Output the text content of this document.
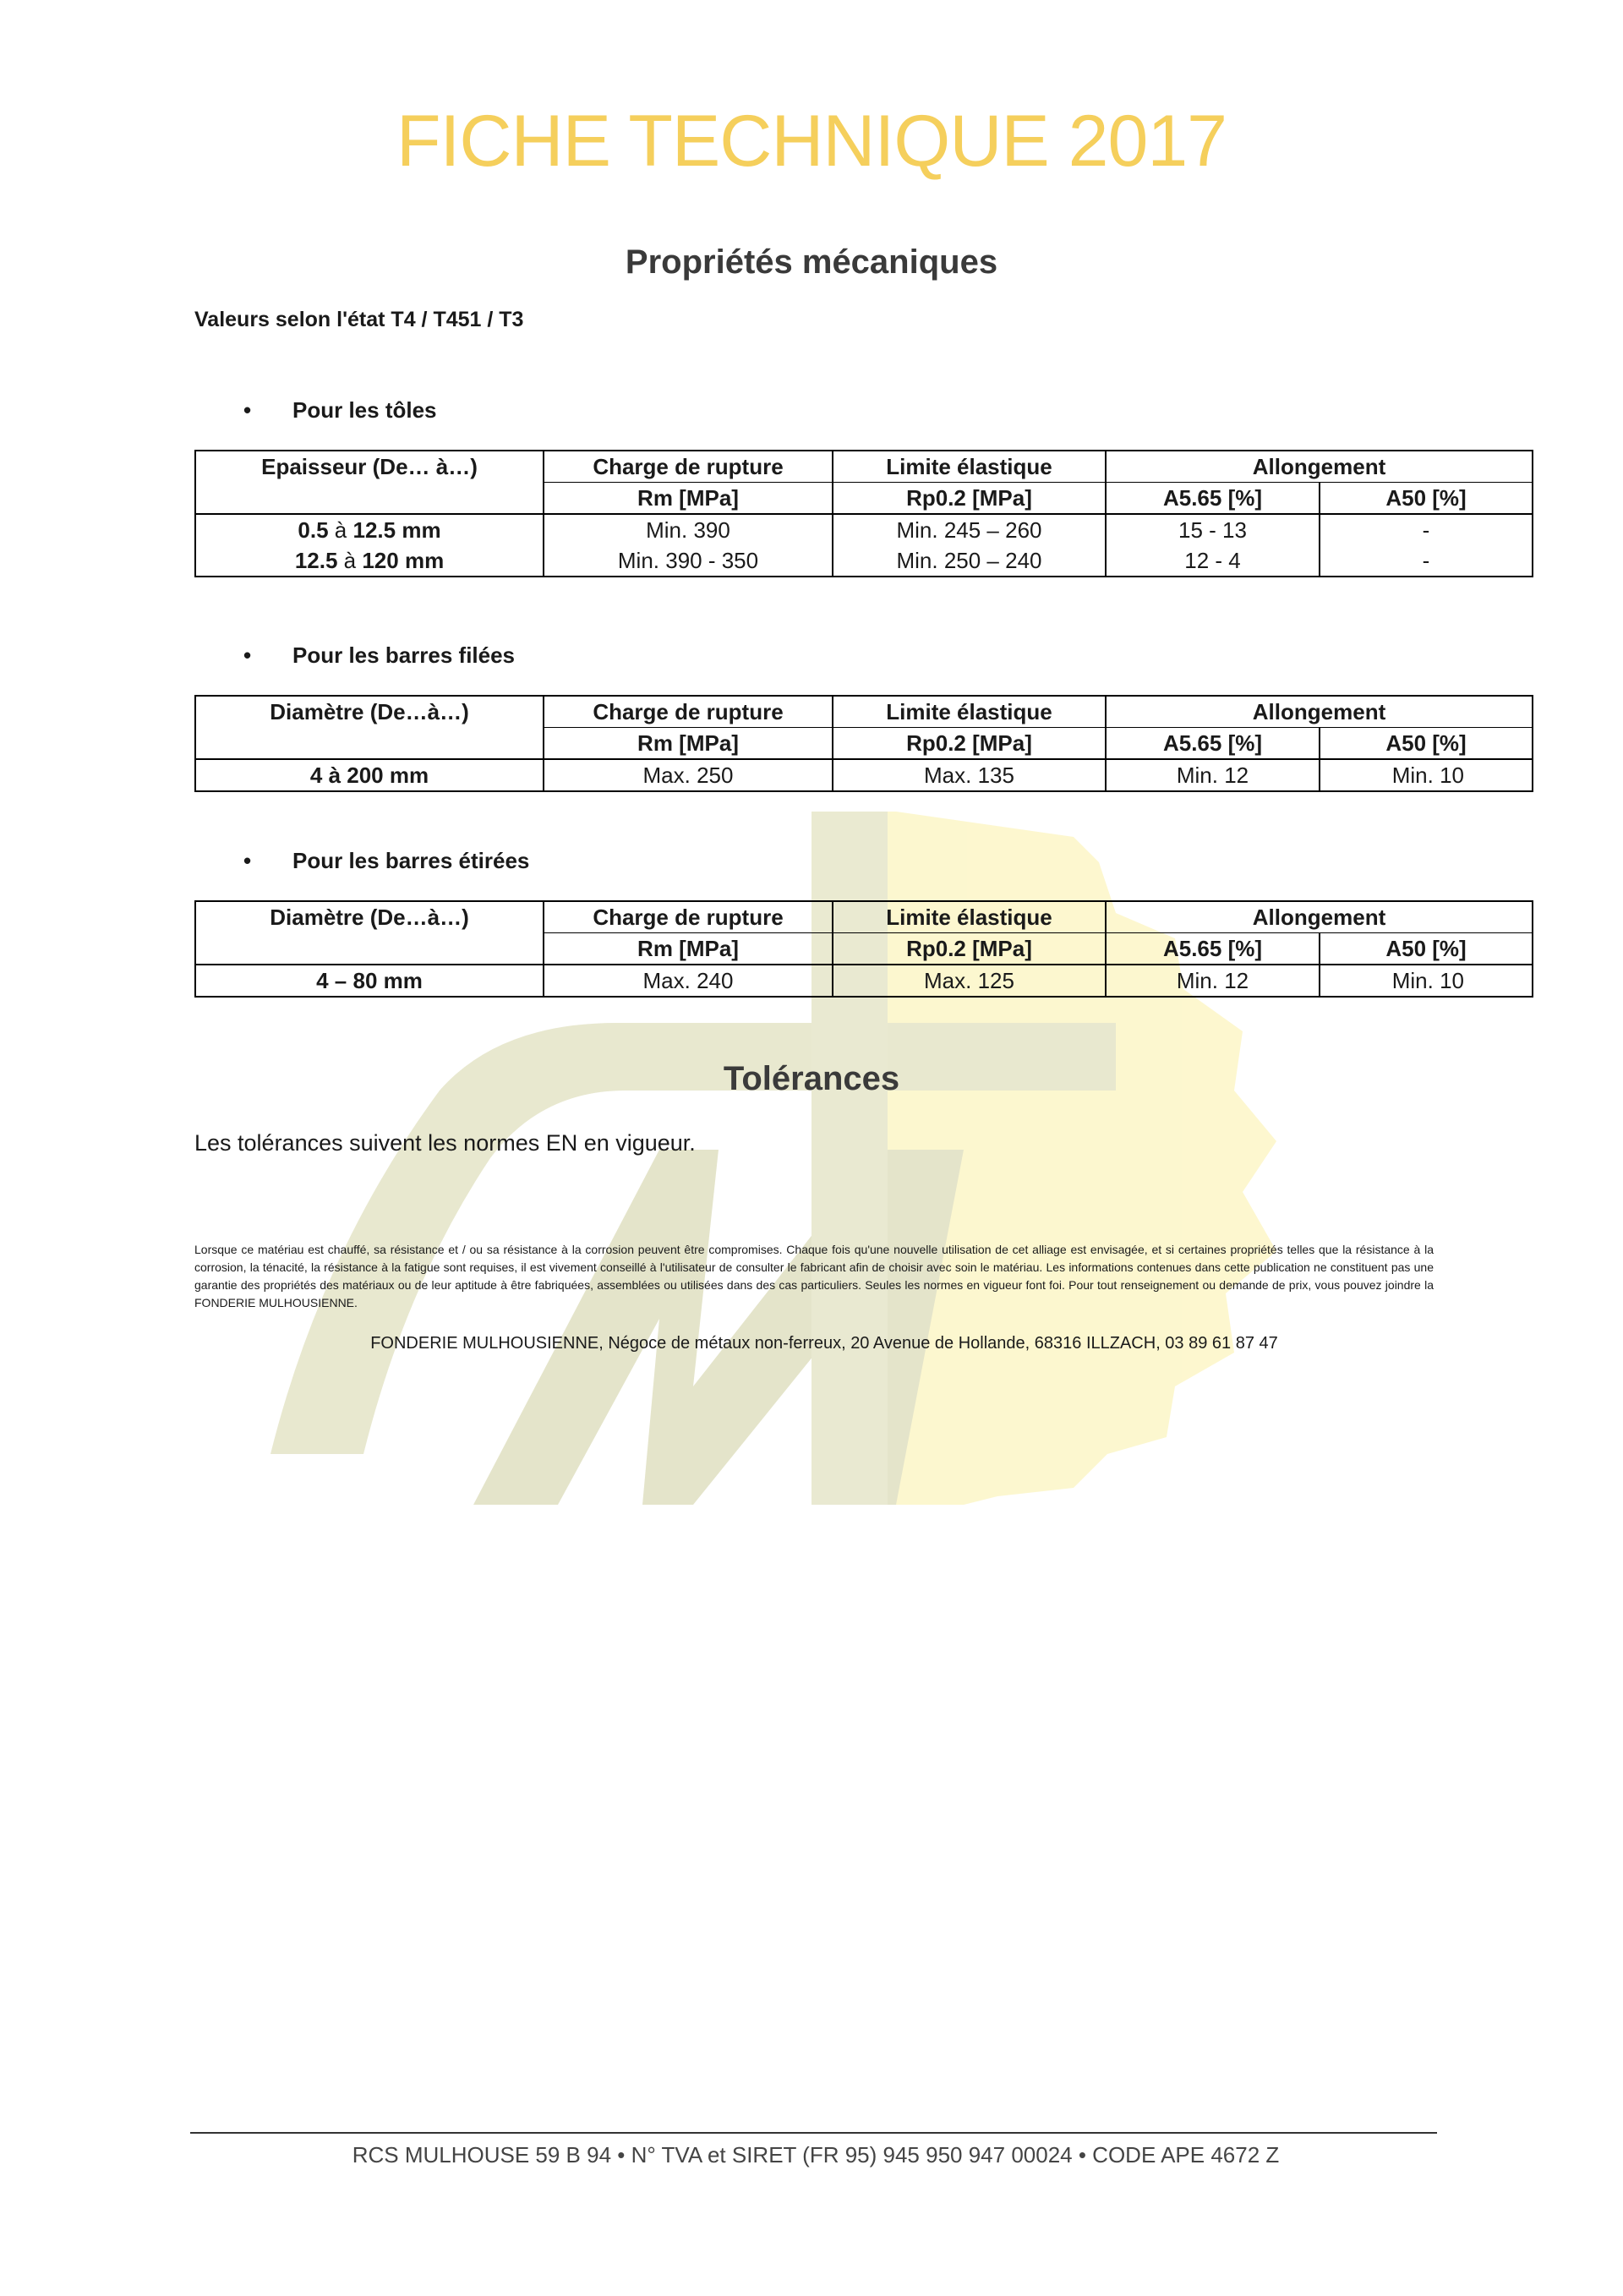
FICHE TECHNIQUE 2017
Propriétés mécaniques
Valeurs selon l'état T4 / T451 / T3
• Pour les tôles
Epaisseur (De… à…)	Charge de rupture	Limite élastique	Allongement	
	Rm [MPa]	Rp0.2 [MPa]	A5.65 [%]	A50 [%]
0.5 à 12.5 mm	Min. 390	Min. 245 – 260	15 - 13	-
12.5 à 120 mm	Min. 390 - 350	Min. 250 – 240	12 - 4	-
• Pour les barres filées
Diamètre (De…à…)	Charge de rupture	Limite élastique	Allongement	
	Rm [MPa]	Rp0.2 [MPa]	A5.65 [%]	A50 [%]
4 à 200 mm	Max. 250	Max. 135	Min. 12	Min. 10
• Pour les barres étirées
Diamètre (De…à…)	Charge de rupture	Limite élastique	Allongement	
	Rm [MPa]	Rp0.2 [MPa]	A5.65 [%]	A50 [%]
4 – 80 mm	Max. 240	Max. 125	Min. 12	Min. 10
Tolérances
Les tolérances suivent les normes EN en vigueur.
Lorsque ce matériau est chauffé, sa résistance et / ou sa résistance à la corrosion peuvent être compromises. Chaque fois qu'une nouvelle utilisation de cet alliage est envisagée, et si certaines propriétés telles que la résistance à la corrosion, la ténacité, la résistance à la fatigue sont requises, il est vivement conseillé à l'utilisateur de consulter le fabricant afin de choisir avec soin le matériau. Les informations contenues dans cette publication ne constituent pas une garantie des propriétés des matériaux ou de leur aptitude à être fabriquées, assemblées ou utilisées dans des cas particuliers. Seules les normes en vigueur font foi. Pour tout renseignement ou demande de prix, vous pouvez joindre la FONDERIE MULHOUSIENNE.
FONDERIE MULHOUSIENNE, Négoce de métaux non-ferreux, 20 Avenue de Hollande, 68316 ILLZACH, 03 89 61 87 47
RCS MULHOUSE 59 B 94 • N° TVA et SIRET (FR 95) 945 950 947 00024 • CODE APE 4672 Z
